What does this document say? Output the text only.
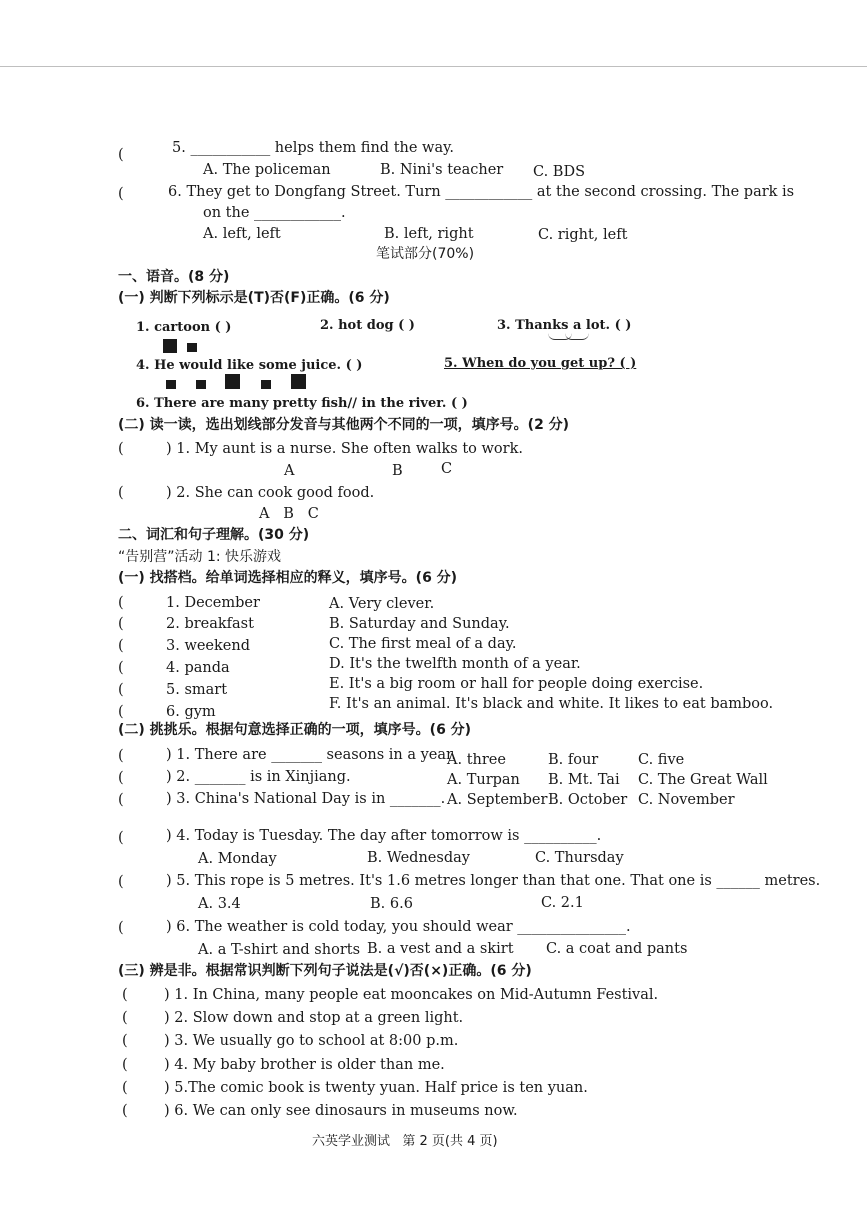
(	5. ___________ helps them find the way.
A. The policeman	B. Nini's teacher C. BDS
(	6. They get to Dongfang Street. Turn ____________ at the second crossing. The park is
on the ____________.
A. left, left	B. left, right	C. right, left
笔试部分(70%)
一、语音。(8 分)
(一) 判断下列标示是(T)否(F)正确。(6 分)
1. cartoon ( )	2. hot dog ( )	3. Thanks a lot. ( )
4. He would like some juice. ( )	5. When do you get up? ( )
6. There are many pretty fish// in the river. ( )
(二) 读一读，选出划线部分发音与其他两个不同的一项，填序号。(2 分)
(	) 1. My aunt is a nurse. She often walks to work.
A	B	C
(	) 2. She can cook good food.
A   B   C
二、词汇和句子理解。(30 分)
“告别营”活动 1: 快乐游戏
(一) 找搭档。给单词选择相应的释义，填序号。(6 分)
(	1. December	A. Very clever.
(	2. breakfast	B. Saturday and Sunday.
(	3. weekend	C. The first meal of a day.
(	4. panda	D. It's the twelfth month of a year.
(	5. smart	E. It's a big room or hall for people doing exercise.
(	6. gym	F. It's an animal. It's black and white. It likes to eat bamboo.
(二) 挑挑乐。根据句意选择正确的一项，填序号。(6 分)
(	) 1. There are _______ seasons in a year.
A. three	B. four	C. five
(	) 2. _______ is in Xinjiang.	A. Turpan B. Mt. Tai C. The Great Wall
(	) 3. China's National Day is in _______. A. September B. October C. November
(	) 4. Today is Tuesday. The day after tomorrow is __________.
A. Monday	B. Wednesday	C. Thursday
(	) 5. This rope is 5 metres. It's 1.6 metres longer than that one. That one is ______ metres.
A. 3.4	B. 6.6	C. 2.1
(	) 6. The weather is cold today, you should wear _______________.
A. a T-shirt and shorts B. a vest and a skirt C. a coat and pants
(三) 辨是非。根据常识判断下列句子说法是(√)否(×)正确。(6 分)
(	) 1. In China, many people eat mooncakes on Mid-Autumn Festival.
(	) 2. Slow down and stop at a green light.
(	) 3. We usually go to school at 8:00 p.m.
(	) 4. My baby brother is older than me.
(	) 5.The comic book is twenty yuan. Half price is ten yuan.
(	) 6. We can only see dinosaurs in museums now.
六英学业测试   第 2 页(共 4 页)
